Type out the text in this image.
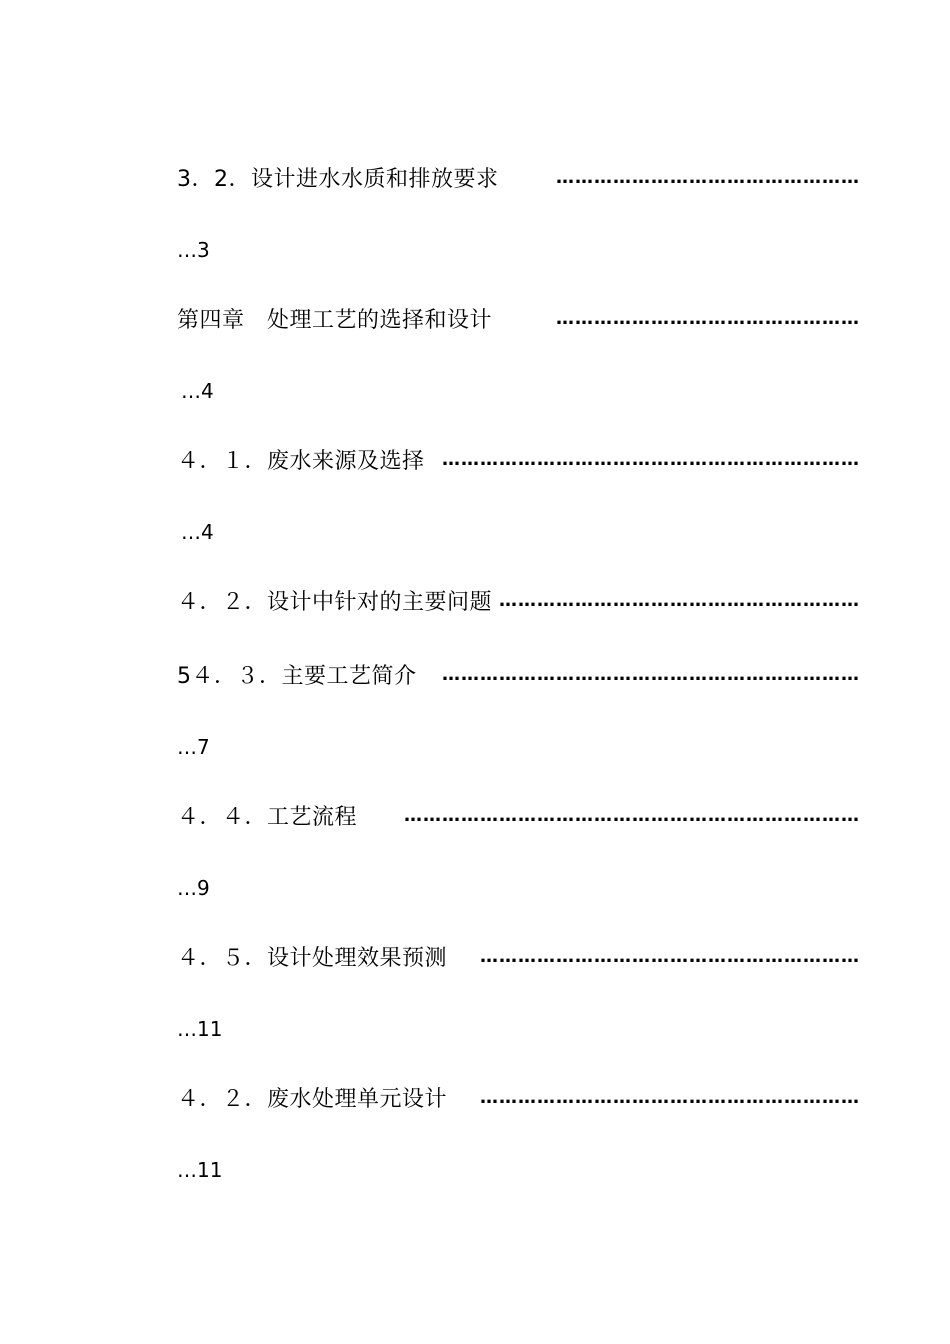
3．2．设计进水水质和排放要求	…………………………………………
…3
第四章　处理工艺的选择和设计	…………………………………………
…4
４．１．废水来源及选择 …………………………………………………………
…4
４．２．设计中针对的主要问题 …………………………………………………
5４．３．主要工艺简介	…………………………………………………………
…7
４．４．工艺流程	………………………………………………………………
…9
４．５．设计处理效果预测	……………………………………………………
…11
４．２．废水处理单元设计	……………………………………………………
…11
